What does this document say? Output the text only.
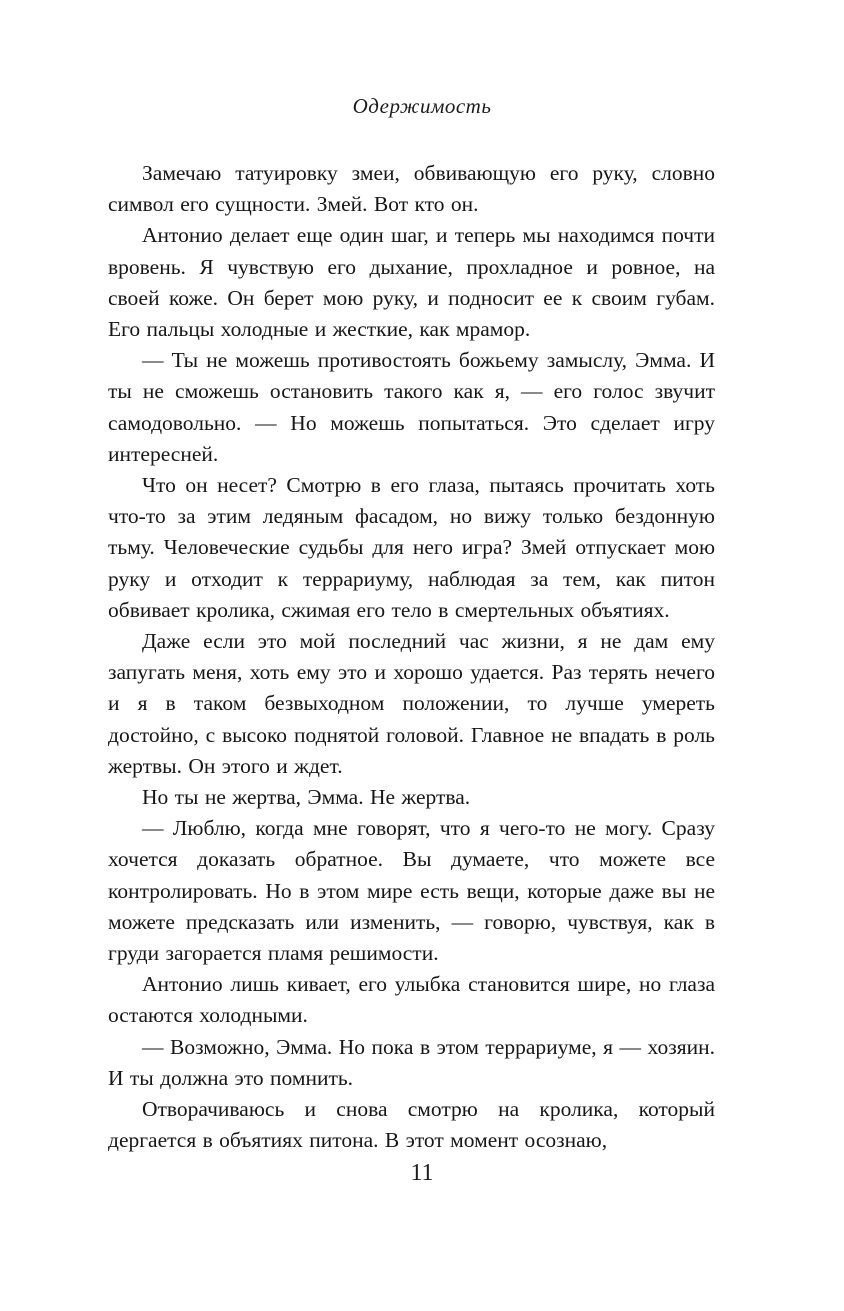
Одержимость

Замечаю татуировку змеи, обвивающую его руку, словно символ его сущности. Змей. Вот кто он.

Антонио делает еще один шаг, и теперь мы находимся почти вровень. Я чувствую его дыхание, прохладное и ровное, на своей коже. Он берет мою руку, и подносит ее к своим губам. Его пальцы холодные и жесткие, как мрамор.

— Ты не можешь противостоять божьему замыслу, Эмма. И ты не сможешь остановить такого как я, — его голос звучит самодовольно. — Но можешь попытаться. Это сделает игру интересней.

Что он несет? Смотрю в его глаза, пытаясь прочитать хоть что-то за этим ледяным фасадом, но вижу только бездонную тьму. Человеческие судьбы для него игра? Змей отпускает мою руку и отходит к террариуму, наблюдая за тем, как питон обвивает кролика, сжимая его тело в смертельных объятиях.

Даже если это мой последний час жизни, я не дам ему запугать меня, хоть ему это и хорошо удается. Раз терять нечего и я в таком безвыходном положении, то лучше умереть достойно, с высоко поднятой головой. Главное не впадать в роль жертвы. Он этого и ждет.

Но ты не жертва, Эмма. Не жертва.

— Люблю, когда мне говорят, что я чего-то не могу. Сразу хочется доказать обратное. Вы думаете, что можете все контролировать. Но в этом мире есть вещи, которые даже вы не можете предсказать или изменить, — говорю, чувствуя, как в груди загорается пламя решимости.

Антонио лишь кивает, его улыбка становится шире, но глаза остаются холодными.

— Возможно, Эмма. Но пока в этом террариуме, я — хозяин. И ты должна это помнить.

Отворачиваюсь и снова смотрю на кролика, который дергается в объятиях питона. В этот момент осознаю,

11
